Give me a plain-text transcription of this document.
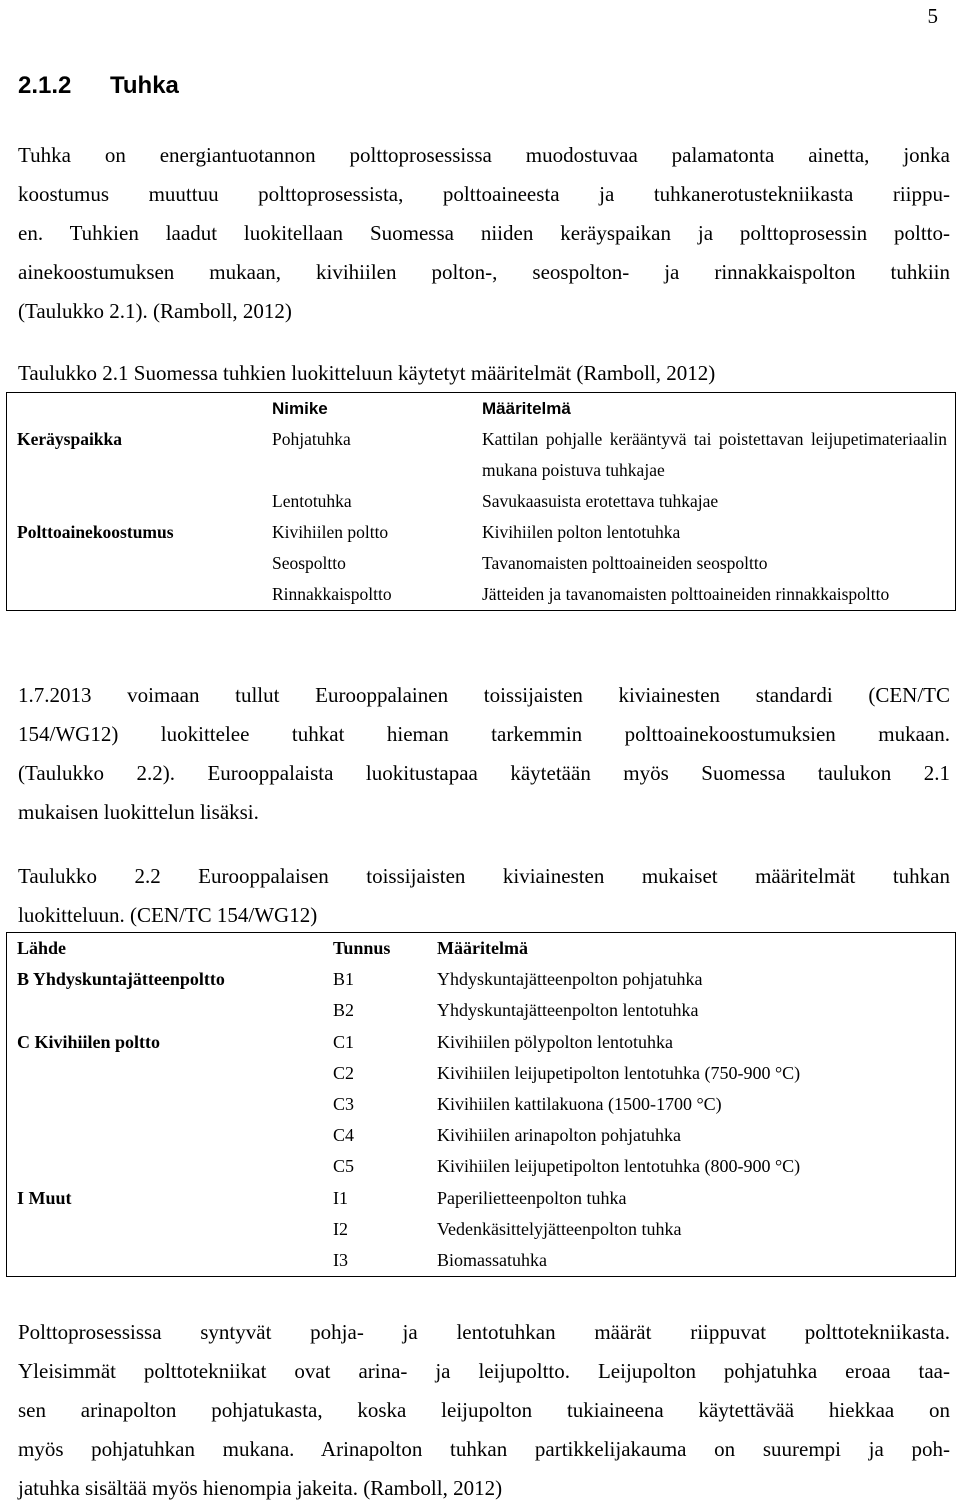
5
2.1.2 Tuhka
Tuhka on energiantuotannon polttoprosessissa muodostuvaa palamatonta ainetta, jonka
koostumus muuttuu polttoprosessista, polttoaineesta ja tuhkanerotustekniikasta riippu-
en. Tuhkien laadut luokitellaan Suomessa niiden keräyspaikan ja polttoprosessin poltto-
ainekoostumuksen mukaan, kivihiilen polton-, seospolton- ja rinnakkaispolton tuhkiin
(Taulukko 2.1). (Ramboll, 2012)
Taulukko 2.1 Suomessa tuhkien luokitteluun käytetyt määritelmät (Ramboll, 2012)
	Nimike	Määritelmä
Keräyspaikka	Pohjatuhka	Kattilan pohjalle kerääntyvä tai poistettavan leijupetimateriaalin mukana poistuva tuhkajae
	Lentotuhka	Savukaasuista erotettava tuhkajae
Polttoainekoostumus	Kivihiilen poltto	Kivihiilen polton lentotuhka
	Seospoltto	Tavanomaisten polttoaineiden seospoltto
	Rinnakkaispoltto	Jätteiden ja tavanomaisten polttoaineiden rinnakkaispoltto
1.7.2013 voimaan tullut Eurooppalainen toissijaisten kiviainesten standardi (CEN/TC
154/WG12) luokittelee tuhkat hieman tarkemmin polttoainekoostumuksien mukaan.
(Taulukko 2.2). Eurooppalaista luokitustapaa käytetään myös Suomessa taulukon 2.1
mukaisen luokittelun lisäksi.
Taulukko 2.2 Eurooppalaisen toissijaisten kiviainesten mukaiset määritelmät tuhkan
luokitteluun. (CEN/TC 154/WG12)
Lähde	Tunnus	Määritelmä
B Yhdyskuntajätteenpoltto	B1	Yhdyskuntajätteenpolton pohjatuhka
	B2	Yhdyskuntajätteenpolton lentotuhka
C Kivihiilen poltto	C1	Kivihiilen pölypolton lentotuhka
	C2	Kivihiilen leijupetipolton lentotuhka (750-900 °C)
	C3	Kivihiilen kattilakuona (1500-1700 °C)
	C4	Kivihiilen arinapolton pohjatuhka
	C5	Kivihiilen leijupetipolton lentotuhka (800-900 °C)
I Muut	I1	Paperilietteenpolton tuhka
	I2	Vedenkäsittelyjätteenpolton tuhka
	I3	Biomassatuhka
Polttoprosessissa syntyvät pohja- ja lentotuhkan määrät riippuvat polttotekniikasta.
Yleisimmät polttotekniikat ovat arina- ja leijupoltto. Leijupolton pohjatuhka eroaa taa-
sen arinapolton pohjatukasta, koska leijupolton tukiaineena käytettävää hiekkaa on
myös pohjatuhkan mukana. Arinapolton tuhkan partikkelijakauma on suurempi ja poh-
jatuhka sisältää myös hienompia jakeita. (Ramboll, 2012)
